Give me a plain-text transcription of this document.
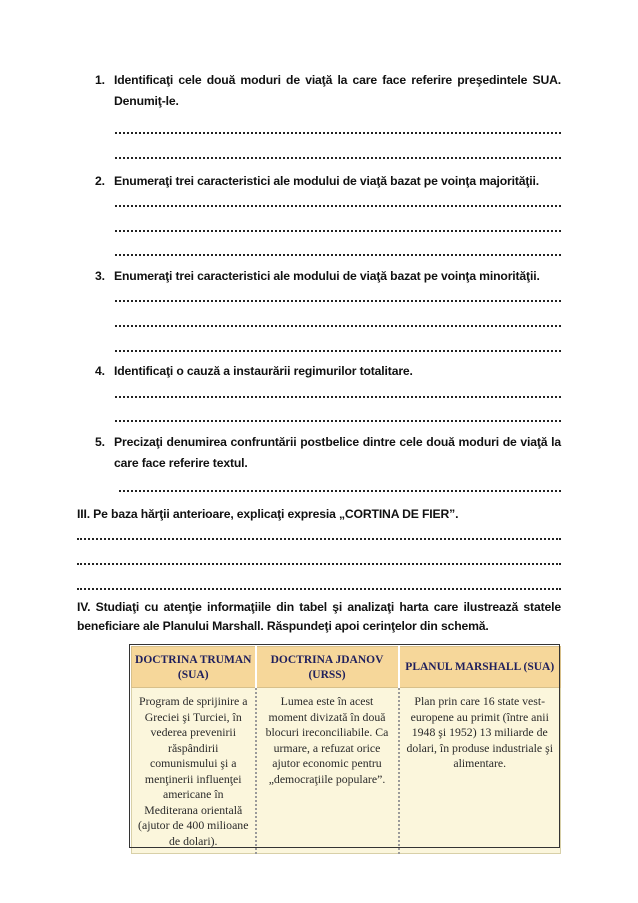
1. Identificaţi cele două moduri de viaţă la care face referire preşedintele SUA. Denumiţ-le.
2. Enumeraţi trei caracteristici ale modului de viaţă bazat pe voinţa majorităţii.
3. Enumeraţi trei caracteristici ale modului de viaţă bazat pe voinţa minorităţii.
4. Identificaţi o cauză a instaurării regimurilor totalitare.
5. Precizaţi denumirea confruntării postbelice dintre cele două moduri de viaţă la care face referire textul.
III. Pe baza hărţii anterioare, explicaţi expresia „CORTINA DE FIER”.
IV. Studiaţi cu atenţie informaţiile din tabel şi analizaţi harta care ilustrează statele beneficiare ale Planului Marshall. Răspundeţi apoi cerinţelor din schemă.
DOCTRINA TRUMAN (SUA)	DOCTRINA JDANOV (URSS)	PLANUL MARSHALL (SUA)
Program de sprijinire a Greciei şi Turciei, în vederea prevenirii răspândirii comunismului şi a menţinerii influenţei americane în Mediterana orientală (ajutor de 400 milioane de dolari).	Lumea este în acest moment divizată în două blocuri ireconciliabile. Ca urmare, a refuzat orice ajutor economic pentru „democraţiile populare”.	Plan prin care 16 state vest-europene au primit (între anii 1948 şi 1952) 13 miliarde de dolari, în produse industriale şi alimentare.
